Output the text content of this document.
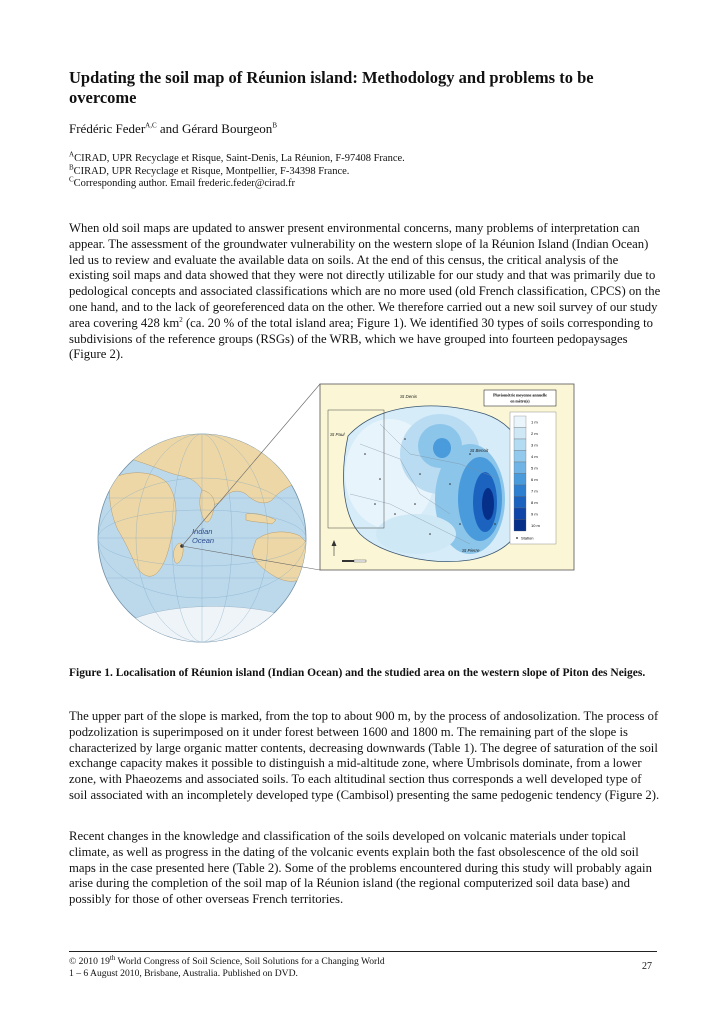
Updating the soil map of Réunion island: Methodology and problems to be overcome
Frédéric Feder$^{A,C}$ and Gérard Bourgeon$^B$
$^A$CIRAD, UPR Recyclage et Risque, Saint-Denis, La Réunion, F-97408 France.
$^B$CIRAD, UPR Recyclage et Risque, Montpellier, F-34398 France.
$^C$Corresponding author. Email frederic.feder@cirad.fr

When old soil maps are updated to answer present environmental concerns, many problems of interpretation can appear. The assessment of the groundwater vulnerability on the western slope of la Réunion Island (Indian Ocean) led us to review and evaluate the available data on soils. At the end of this census, the critical analysis of the existing soil maps and data showed that they were not directly utilizable for our study and that was primarily due to pedological concepts and associated classifications which are no more used (old French classification, CPCS) on the one hand, and to the lack of georeferenced data on the other. We therefore carried out a new soil survey of our study area covering 428 $km^2$ (ca. 20 % of the total island area; Figure 1). We identified 30 types of soils corresponding to subdivisions of the reference groups (RSGs) of the WRB, which we have grouped into fourteen pedopaysages (Figure 2).

Indian
Ocean
St Denis
St Paul
St Benoit
St Pierre
Pluviométrie moyenne annuelle
en mètre(s)
1 m
2 m
3 m
4 m
5 m
6 m
7 m
8 m
9 m
10 m
Station

Figure 1. Localisation of Réunion island (Indian Ocean) and the studied area on the western slope of Piton des Neiges.

The upper part of the slope is marked, from the top to about 900 m, by the process of andosolization. The process of podzolization is superimposed on it under forest between 1600 and 1800 m. The remaining part of the slope is characterized by large organic matter contents, decreasing downwards (Table 1). The degree of saturation of the soil exchange capacity makes it possible to distinguish a mid-altitude zone, where Umbrisols dominate, from a lower zone, with Phaeozems and associated soils. To each altitudinal section thus corresponds a well developed type of soil associated with an incompletely developed type (Cambisol) presenting the same pedogenic tendency (Figure 2).

Recent changes in the knowledge and classification of the soils developed on volcanic materials under topical climate, as well as progress in the dating of the volcanic events explain both the fast obsolescence of the old soil maps in the case presented here (Table 2). Some of the problems encountered during this study will probably again arise during the completion of the soil map of la Réunion island (the regional computerized soil data base) and possibly for those of other overseas French territories.

© 2010 19th World Congress of Soil Science, Soil Solutions for a Changing World
1 – 6 August 2010, Brisbane, Australia. Published on DVD.
27
